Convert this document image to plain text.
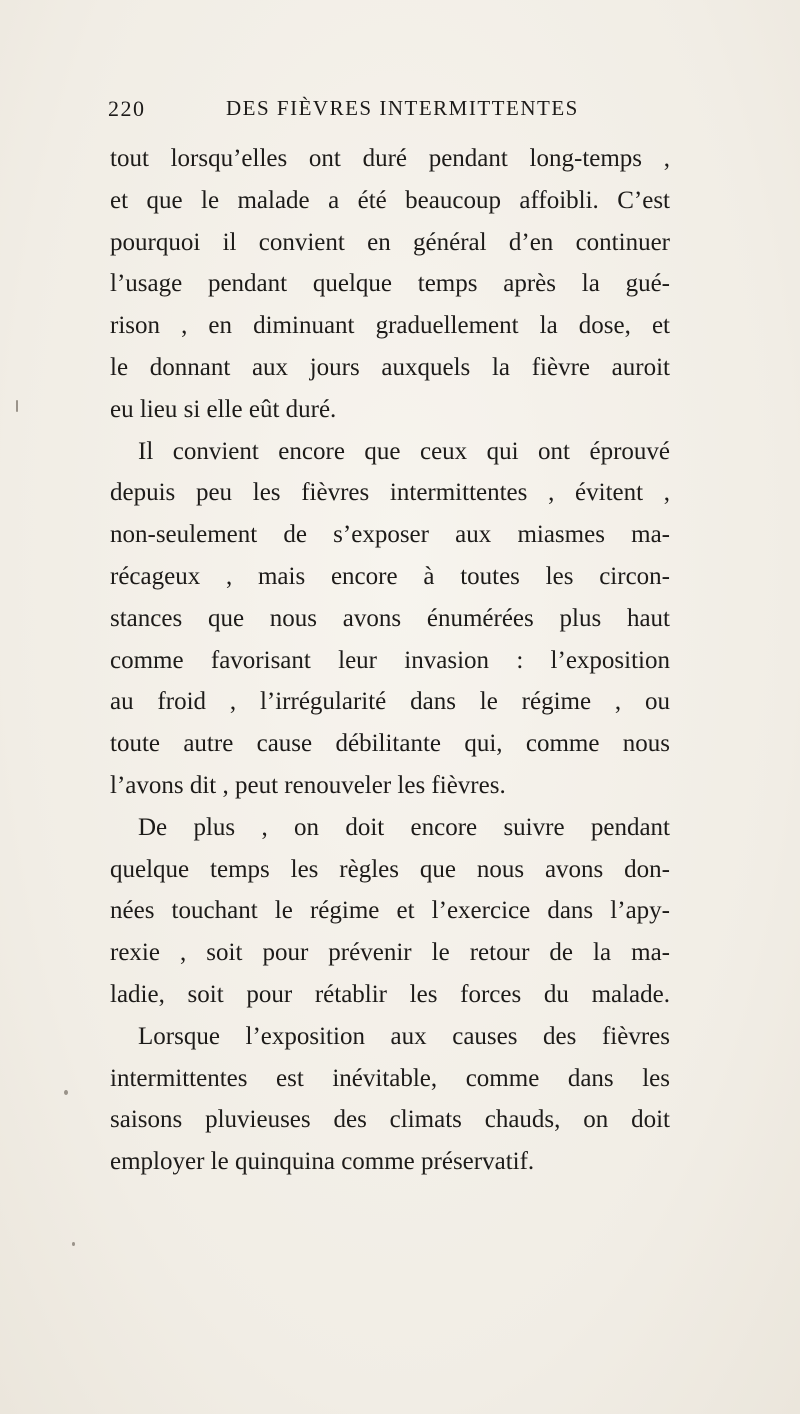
220	DES FIÈVRES INTERMITTENTES
tout lorsqu’elles ont duré pendant long-temps ,
et que le malade a été beaucoup affoibli. C’est
pourquoi il convient en général d’en continuer
l’usage pendant quelque temps après la gué-
rison , en diminuant graduellement la dose, et
le donnant aux jours auxquels la fièvre auroit
eu lieu si elle eût duré.
Il convient encore que ceux qui ont éprouvé
depuis peu les fièvres intermittentes , évitent ,
non-seulement de s’exposer aux miasmes ma-
récageux , mais encore à toutes les circon-
stances que nous avons énumérées plus haut
comme favorisant leur invasion : l’exposition
au froid , l’irrégularité dans le régime , ou
toute autre cause débilitante qui, comme nous
l’avons dit , peut renouveler les fièvres.
De plus , on doit encore suivre pendant
quelque temps les règles que nous avons don-
nées touchant le régime et l’exercice dans l’apy-
rexie , soit pour prévenir le retour de la ma-
ladie, soit pour rétablir les forces du malade.
Lorsque l’exposition aux causes des fièvres
intermittentes est inévitable, comme dans les
saisons pluvieuses des climats chauds, on doit
employer le quinquina comme préservatif.
